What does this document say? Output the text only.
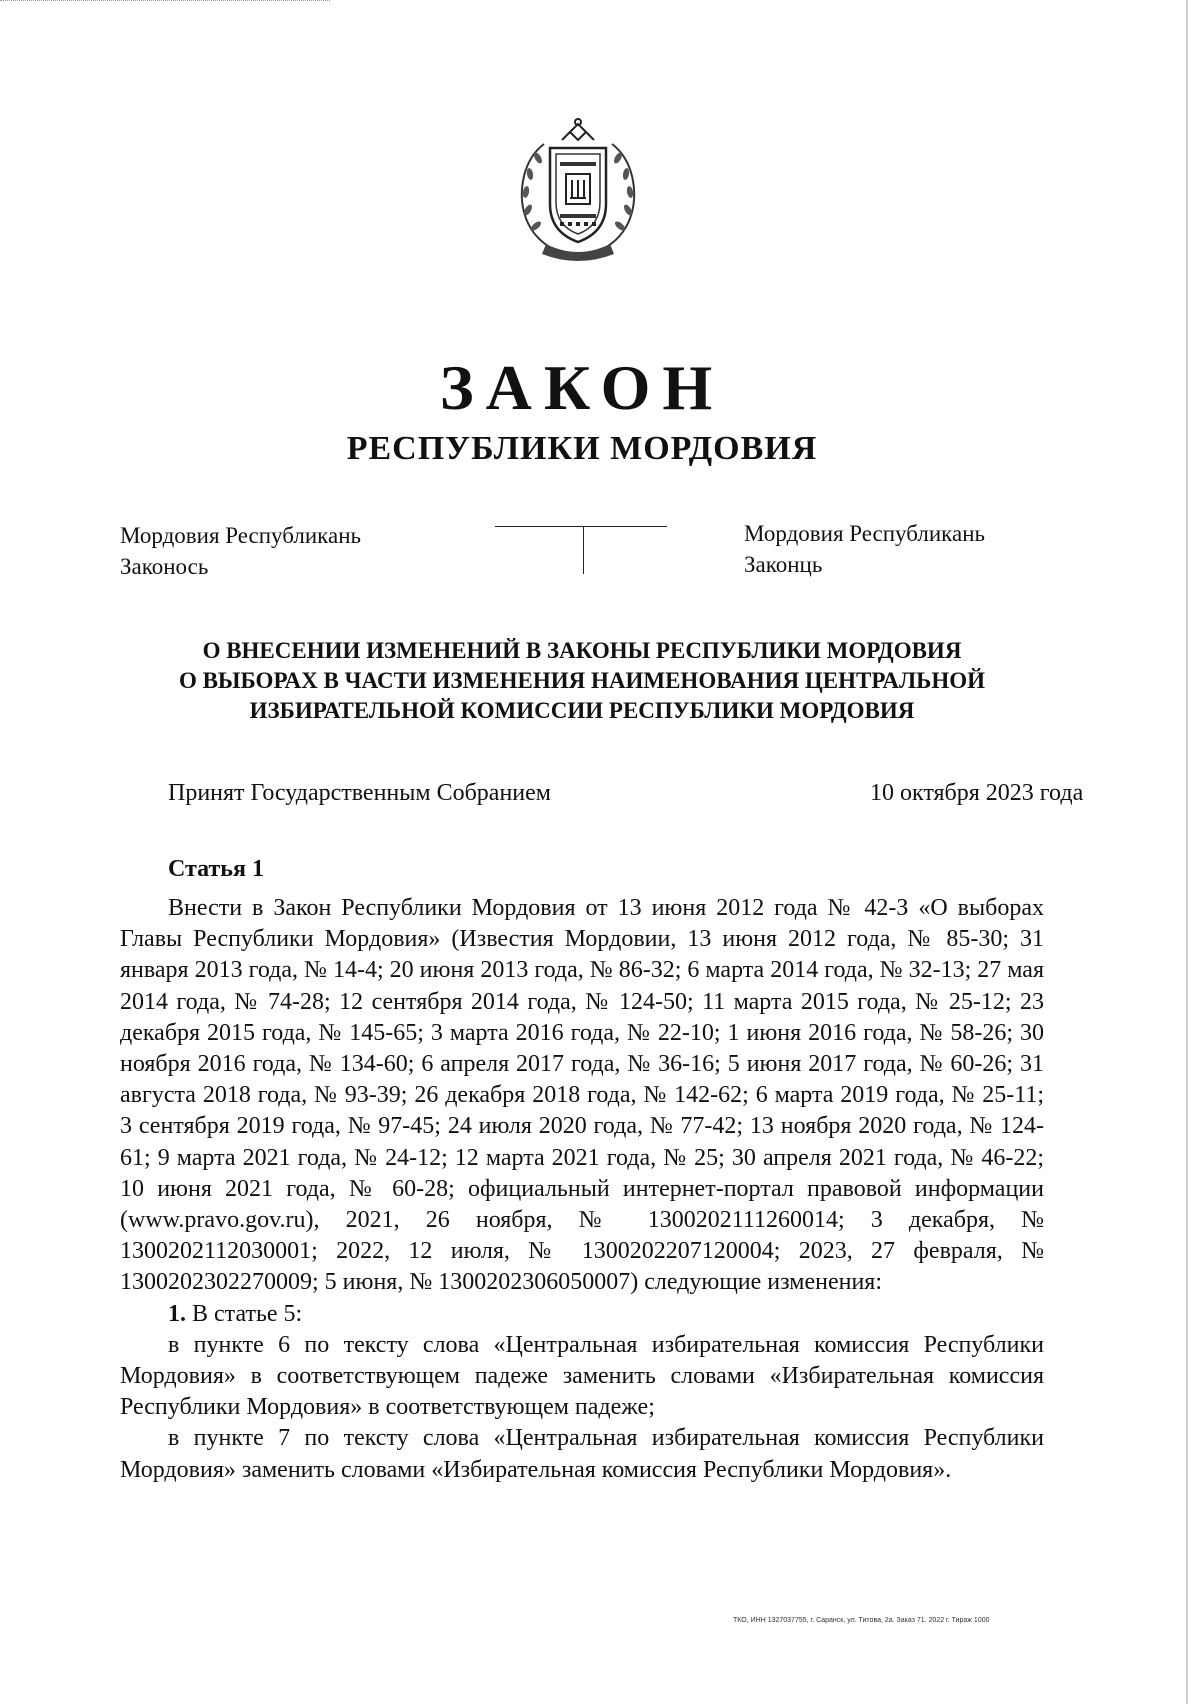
ЗАКОН
РЕСПУБЛИКИ МОРДОВИЯ
Мордовия Республикань
Законось
Мордовия Республикань
Законць
О ВНЕСЕНИИ ИЗМЕНЕНИЙ В ЗАКОНЫ РЕСПУБЛИКИ МОРДОВИЯ
О ВЫБОРАХ В ЧАСТИ ИЗМЕНЕНИЯ НАИМЕНОВАНИЯ ЦЕНТРАЛЬНОЙ
ИЗБИРАТЕЛЬНОЙ КОМИССИИ РЕСПУБЛИКИ МОРДОВИЯ
Принят Государственным Собранием	10 октября 2023 года
Статья 1

Внести в Закон Республики Мордовия от 13 июня 2012 года № 42-З «О выборах Главы Республики Мордовия» (Известия Мордовии, 13 июня 2012 года, № 85-30; 31 января 2013 года, № 14-4; 20 июня 2013 года, № 86-32; 6 марта 2014 года, № 32-13; 27 мая 2014 года, № 74-28; 12 сентября 2014 года, № 124-50; 11 марта 2015 года, № 25-12; 23 декабря 2015 года, № 145-65; 3 марта 2016 года, № 22-10; 1 июня 2016 года, № 58-26; 30 ноября 2016 года, № 134-60; 6 апреля 2017 года, № 36-16; 5 июня 2017 года, № 60-26; 31 августа 2018 года, № 93-39; 26 декабря 2018 года, № 142-62; 6 марта 2019 года, № 25-11; 3 сентября 2019 года, № 97-45; 24 июля 2020 года, № 77-42; 13 ноября 2020 года, № 124-61; 9 марта 2021 года, № 24-12; 12 марта 2021 года, № 25; 30 апреля 2021 года, № 46-22; 10 июня 2021 года, № 60-28; официальный интернет-портал правовой информации (www.pravo.gov.ru), 2021, 26 ноября, № 1300202111260014; 3 декабря, № 1300202112030001; 2022, 12 июля, № 1300202207120004; 2023, 27 февраля, № 1300202302270009; 5 июня, № 1300202306050007) следующие изменения:

1. В статье 5:

в пункте 6 по тексту слова «Центральная избирательная комиссия Республики Мордовия» в соответствующем падеже заменить словами «Избирательная комиссия Республики Мордовия» в соответствующем падеже;

в пункте 7 по тексту слова «Центральная избирательная комиссия Республики Мордовия» заменить словами «Избирательная комиссия Республики Мордовия».

ТКО, ИНН 1327037755, г. Саранск, ул. Титова, 2а. Заказ 71. 2022 г. Тираж 1000
